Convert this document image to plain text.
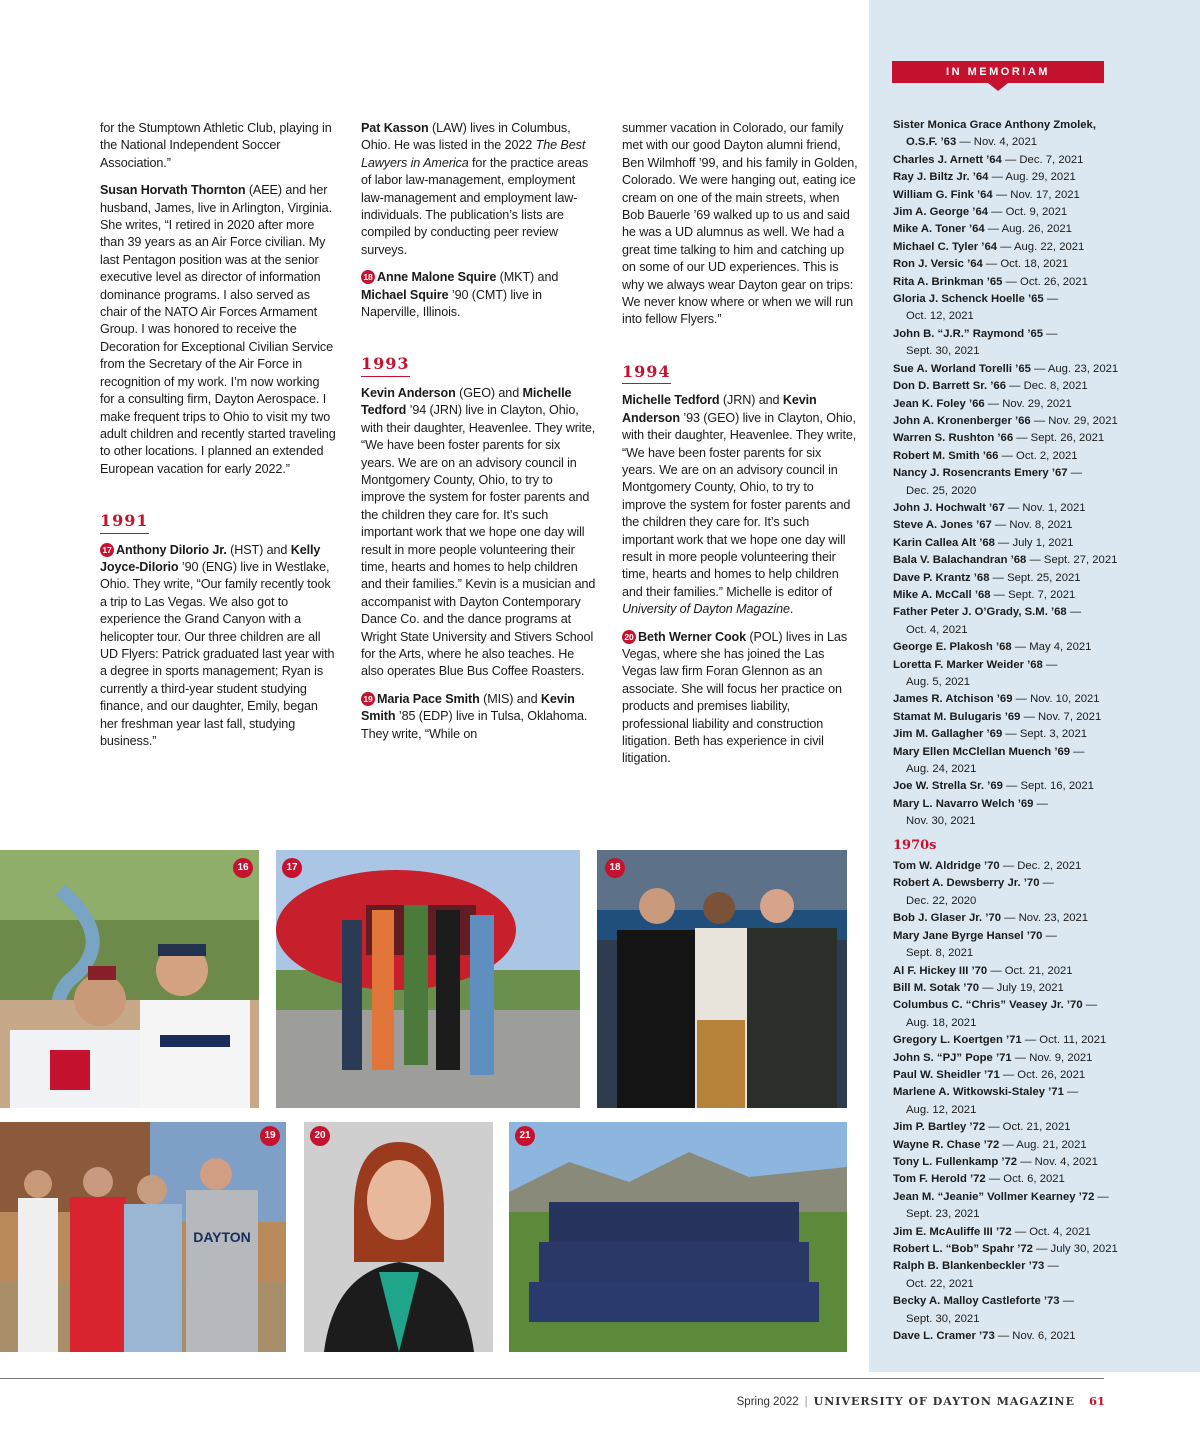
for the Stumptown Athletic Club, playing in the National Independent Soccer Association.”

Susan Horvath Thornton (AEE) and her husband, James, live in Arlington, Virginia. She writes, “I retired in 2020 after more than 39 years as an Air Force civilian. My last Pentagon position was at the senior executive level as director of information dominance programs. I also served as chair of the NATO Air Forces Armament Group. I was honored to receive the Decoration for Exceptional Civilian Service from the Secretary of the Air Force in recognition of my work. I’m now working for a consulting firm, Dayton Aerospace. I make frequent trips to Ohio to visit my two adult children and recently started traveling to other locations. I planned an extended European vacation for early 2022.”

1991

17 Anthony DiIorio Jr. (HST) and Kelly Joyce-DiIorio ’90 (ENG) live in Westlake, Ohio. They write, “Our family recently took a trip to Las Vegas. We also got to experience the Grand Canyon with a helicopter tour. Our three children are all UD Flyers: Patrick graduated last year with a degree in sports management; Ryan is currently a third-year student studying finance, and our daughter, Emily, began her freshman year last fall, studying business.”

Pat Kasson (LAW) lives in Columbus, Ohio. He was listed in the 2022 The Best Lawyers in America for the practice areas of labor law-management, employment law-management and employment law-individuals. The publication’s lists are compiled by conducting peer review surveys.

18 Anne Malone Squire (MKT) and Michael Squire ’90 (CMT) live in Naperville, Illinois.

1993

Kevin Anderson (GEO) and Michelle Tedford ’94 (JRN) live in Clayton, Ohio, with their daughter, Heavenlee. They write, “We have been foster parents for six years. We are on an advisory council in Montgomery County, Ohio, to try to improve the system for foster parents and the children they care for. It’s such important work that we hope one day will result in more people volunteering their time, hearts and homes to help children and their families.” Kevin is a musician and accompanist with Dayton Contemporary Dance Co. and the dance programs at Wright State University and Stivers School for the Arts, where he also teaches. He also operates Blue Bus Coffee Roasters.

19 Maria Pace Smith (MIS) and Kevin Smith ’85 (EDP) live in Tulsa, Oklahoma. They write, “While on

summer vacation in Colorado, our family met with our good Dayton alumni friend, Ben Wilmhoff ’99, and his family in Golden, Colorado. We were hanging out, eating ice cream on one of the main streets, when Bob Bauerle ’69 walked up to us and said he was a UD alumnus as well. We had a great time talking to him and catching up on some of our UD experiences. This is why we always wear Dayton gear on trips: We never know where or when we will run into fellow Flyers.”

1994

Michelle Tedford (JRN) and Kevin Anderson ’93 (GEO) live in Clayton, Ohio, with their daughter, Heavenlee. They write, “We have been foster parents for six years. We are on an advisory council in Montgomery County, Ohio, to try to improve the system for foster parents and the children they care for. It’s such important work that we hope one day will result in more people volunteering their time, hearts and homes to help children and their families.” Michelle is editor of University of Dayton Magazine.

20 Beth Werner Cook (POL) lives in Las Vegas, where she has joined the Las Vegas law firm Foran Glennon as an associate. She will focus her practice on products and premises liability, professional liability and construction litigation. Beth has experience in civil litigation.

16	17	18
DAYTON
19	20	21
IN MEMORIAM
Sister Monica Grace Anthony Zmolek,
O.S.F. ’63 — Nov. 4, 2021
Charles J. Arnett ’64 — Dec. 7, 2021
Ray J. Biltz Jr. ’64 — Aug. 29, 2021
William G. Fink ’64 — Nov. 17, 2021
Jim A. George ’64 — Oct. 9, 2021
Mike A. Toner ’64 — Aug. 26, 2021
Michael C. Tyler ’64 — Aug. 22, 2021
Ron J. Versic ’64 — Oct. 18, 2021
Rita A. Brinkman ’65 — Oct. 26, 2021
Gloria J. Schenck Hoelle ’65 —
Oct. 12, 2021
John B. “J.R.” Raymond ’65 —
Sept. 30, 2021
Sue A. Worland Torelli ’65 — Aug. 23, 2021
Don D. Barrett Sr. ’66 — Dec. 8, 2021
Jean K. Foley ’66 — Nov. 29, 2021
John A. Kronenberger ’66 — Nov. 29, 2021
Warren S. Rushton ’66 — Sept. 26, 2021
Robert M. Smith ’66 — Oct. 2, 2021
Nancy J. Rosencrants Emery ’67 —
Dec. 25, 2020
John J. Hochwalt ’67 — Nov. 1, 2021
Steve A. Jones ’67 — Nov. 8, 2021
Karin Callea Alt ’68 — July 1, 2021
Bala V. Balachandran ’68 — Sept. 27, 2021
Dave P. Krantz ’68 — Sept. 25, 2021
Mike A. McCall ’68 — Sept. 7, 2021
Father Peter J. O’Grady, S.M. ’68 —
Oct. 4, 2021
George E. Plakosh ’68 — May 4, 2021
Loretta F. Marker Weider ’68 —
Aug. 5, 2021
James R. Atchison ’69 — Nov. 10, 2021
Stamat M. Bulugaris ’69 — Nov. 7, 2021
Jim M. Gallagher ’69 — Sept. 3, 2021
Mary Ellen McClellan Muench ’69 —
Aug. 24, 2021
Joe W. Strella Sr. ’69 — Sept. 16, 2021
Mary L. Navarro Welch ’69 —
Nov. 30, 2021
1970s
Tom W. Aldridge ’70 — Dec. 2, 2021
Robert A. Dewsberry Jr. ’70 —
Dec. 22, 2020
Bob J. Glaser Jr. ’70 — Nov. 23, 2021
Mary Jane Byrge Hansel ’70 —
Sept. 8, 2021
Al F. Hickey III ’70 — Oct. 21, 2021
Bill M. Sotak ’70 — July 19, 2021
Columbus C. “Chris” Veasey Jr. ’70 —
Aug. 18, 2021
Gregory L. Koertgen ’71 — Oct. 11, 2021
John S. “PJ” Pope ’71 — Nov. 9, 2021
Paul W. Sheidler ’71 — Oct. 26, 2021
Marlene A. Witkowski-Staley ’71 —
Aug. 12, 2021
Jim P. Bartley ’72 — Oct. 21, 2021
Wayne R. Chase ’72 — Aug. 21, 2021
Tony L. Fullenkamp ’72 — Nov. 4, 2021
Tom F. Herold ’72 — Oct. 6, 2021
Jean M. “Jeanie” Vollmer Kearney ’72 —
Sept. 23, 2021
Jim E. McAuliffe III ’72 — Oct. 4, 2021
Robert L. “Bob” Spahr ’72 — July 30, 2021
Ralph B. Blankenbeckler ’73 —
Oct. 22, 2021
Becky A. Malloy Castleforte ’73 —
Sept. 30, 2021
Dave L. Cramer ’73 — Nov. 6, 2021
Spring 2022 | UNIVERSITY OF DAYTON MAGAZINE 61
